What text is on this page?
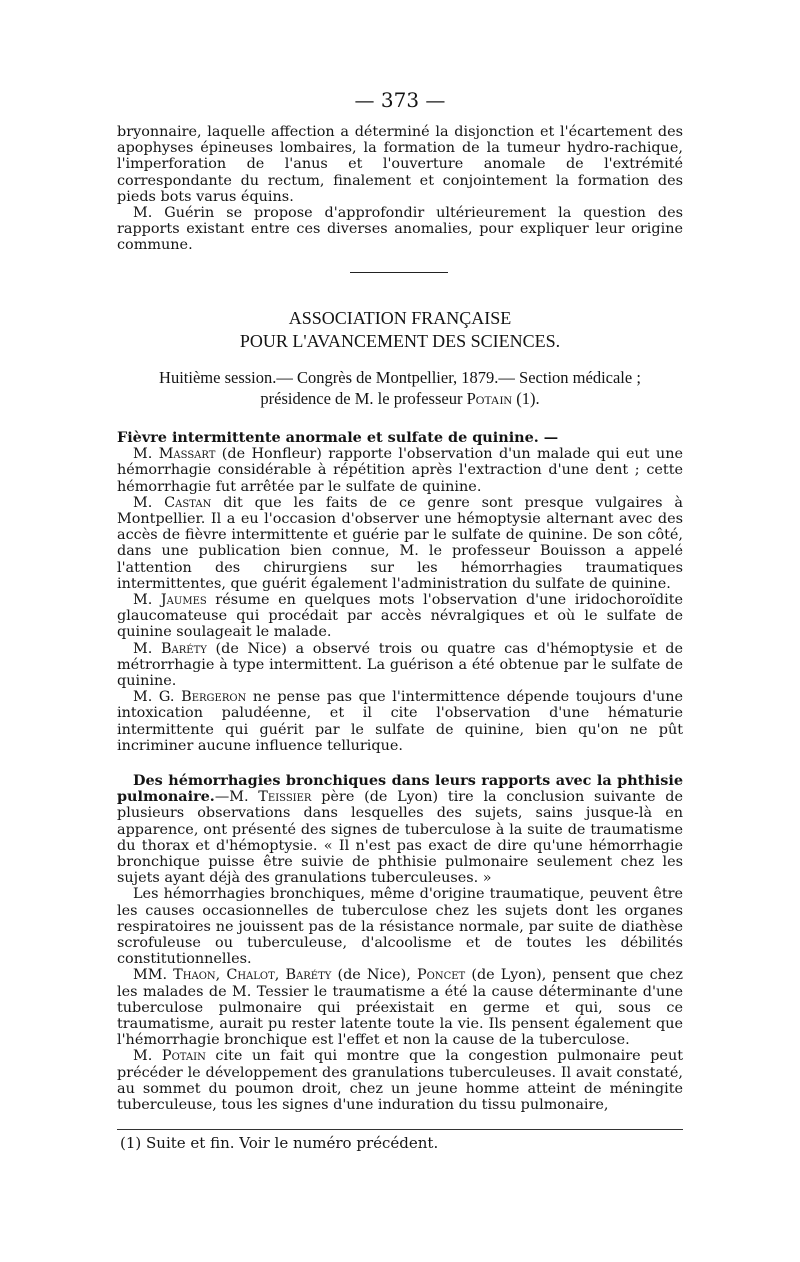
— 373 —

bryonnaire, laquelle affection a déterminé la disjonction et l'écartement des apophyses épineuses lombaires, la formation de la tumeur hydro-rachique, l'imperforation de l'anus et l'ouverture anomale de l'extrémité correspondante du rectum, finalement et conjointement la formation des pieds bots varus équins.

M. Guérin se propose d'approfondir ultérieurement la question des rapports existant entre ces diverses anomalies, pour expliquer leur origine commune.

ASSOCIATION FRANÇAISE
POUR L'AVANCEMENT DES SCIENCES.
Huitième session.— Congrès de Montpellier, 1879.— Section médicale ;
présidence de M. le professeur Potain (1).

Fièvre intermittente anormale et sulfate de quinine. —

M. Massart (de Honfleur) rapporte l'observation d'un malade qui eut une hémorrhagie considérable à répétition après l'extraction d'une dent ; cette hémorrhagie fut arrêtée par le sulfate de quinine.

M. Castan dit que les faits de ce genre sont presque vulgaires à Montpellier. Il a eu l'occasion d'observer une hémoptysie alternant avec des accès de fièvre intermittente et guérie par le sulfate de quinine. De son côté, dans une publication bien connue, M. le professeur Bouisson a appelé l'attention des chirurgiens sur les hémorrhagies traumatiques intermittentes, que guérit également l'administration du sulfate de quinine.

M. Jaumes résume en quelques mots l'observation d'une iridochoroïdite glaucomateuse qui procédait par accès névralgiques et où le sulfate de quinine soulageait le malade.

M. Baréty (de Nice) a observé trois ou quatre cas d'hémoptysie et de métrorrhagie à type intermittent. La guérison a été obtenue par le sulfate de quinine.

M. G. Bergeron ne pense pas que l'intermittence dépende toujours d'une intoxication paludéenne, et il cite l'observation d'une hématurie intermittente qui guérit par le sulfate de quinine, bien qu'on ne pût incriminer aucune influence tellurique.

Des hémorrhagies bronchiques dans leurs rapports avec la phthisie pulmonaire.—M. Teissier père (de Lyon) tire la conclusion suivante de plusieurs observations dans lesquelles des sujets, sains jusque-là en apparence, ont présenté des signes de tuberculose à la suite de traumatisme du thorax et d'hémoptysie. « Il n'est pas exact de dire qu'une hémorrhagie bronchique puisse être suivie de phthisie pulmonaire seulement chez les sujets ayant déjà des granulations tuberculeuses. »

Les hémorrhagies bronchiques, même d'origine traumatique, peuvent être les causes occasionnelles de tuberculose chez les sujets dont les organes respiratoires ne jouissent pas de la résistance normale, par suite de diathèse scrofuleuse ou tuberculeuse, d'alcoolisme et de toutes les débilités constitutionnelles.

MM. Thaon, Chalot, Baréty (de Nice), Poncet (de Lyon), pensent que chez les malades de M. Tessier le traumatisme a été la cause déterminante d'une tuberculose pulmonaire qui préexistait en germe et qui, sous ce traumatisme, aurait pu rester latente toute la vie. Ils pensent également que l'hémorrhagie bronchique est l'effet et non la cause de la tuberculose.

M. Potain cite un fait qui montre que la congestion pulmonaire peut précéder le développement des granulations tuberculeuses. Il avait constaté, au sommet du poumon droit, chez un jeune homme atteint de méningite tuberculeuse, tous les signes d'une induration du tissu pulmonaire,

(1) Suite et fin. Voir le numéro précédent.
